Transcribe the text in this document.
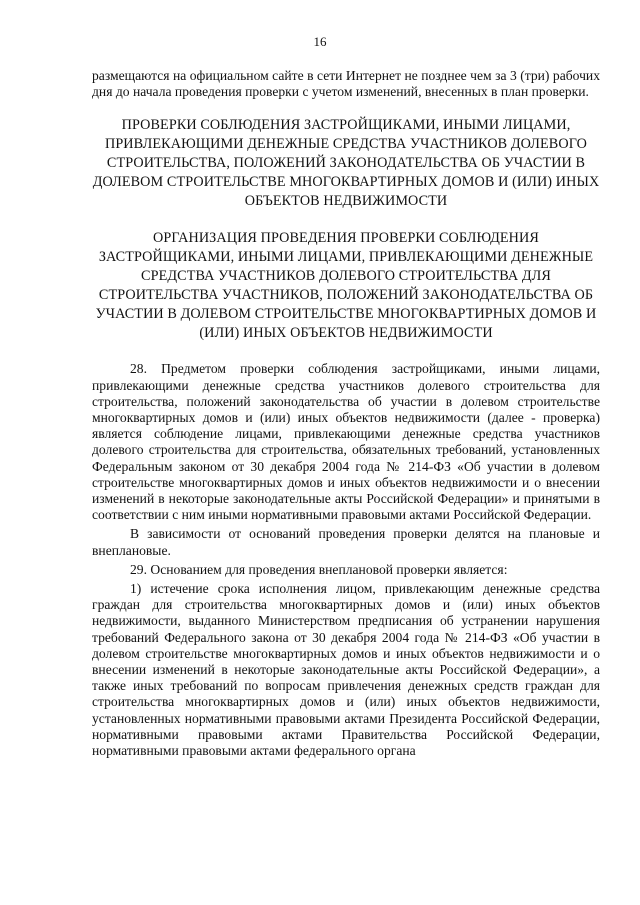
16

размещаются на официальном сайте в сети Интернет не позднее чем за 3 (три) рабочих дня до начала проведения проверки с учетом изменений, внесенных в план проверки.

ПРОВЕРКИ СОБЛЮДЕНИЯ ЗАСТРОЙЩИКАМИ, ИНЫМИ ЛИЦАМИ, ПРИВЛЕКАЮЩИМИ ДЕНЕЖНЫЕ СРЕДСТВА УЧАСТНИКОВ ДОЛЕВОГО СТРОИТЕЛЬСТВА, ПОЛОЖЕНИЙ ЗАКОНОДАТЕЛЬСТВА ОБ УЧАСТИИ В ДОЛЕВОМ СТРОИТЕЛЬСТВЕ МНОГОКВАРТИРНЫХ ДОМОВ И (ИЛИ) ИНЫХ ОБЪЕКТОВ НЕДВИЖИМОСТИ

ОРГАНИЗАЦИЯ ПРОВЕДЕНИЯ ПРОВЕРКИ СОБЛЮДЕНИЯ ЗАСТРОЙЩИКАМИ, ИНЫМИ ЛИЦАМИ, ПРИВЛЕКАЮЩИМИ ДЕНЕЖНЫЕ СРЕДСТВА УЧАСТНИКОВ ДОЛЕВОГО СТРОИТЕЛЬСТВА ДЛЯ СТРОИТЕЛЬСТВА УЧАСТНИКОВ, ПОЛОЖЕНИЙ ЗАКОНОДАТЕЛЬСТВА ОБ УЧАСТИИ В ДОЛЕВОМ СТРОИТЕЛЬСТВЕ МНОГОКВАРТИРНЫХ ДОМОВ И (ИЛИ) ИНЫХ ОБЪЕКТОВ НЕДВИЖИМОСТИ

28. Предметом проверки соблюдения застройщиками, иными лицами, привлекающими денежные средства участников долевого строительства для строительства, положений законодательства об участии в долевом строительстве многоквартирных домов и (или) иных объектов недвижимости (далее - проверка) является соблюдение лицами, привлекающими денежные средства участников долевого строительства для строительства, обязательных требований, установленных Федеральным законом от 30 декабря 2004 года № 214-ФЗ «Об участии в долевом строительстве многоквартирных домов и иных объектов недвижимости и о внесении изменений в некоторые законодательные акты Российской Федерации» и принятыми в соответствии с ним иными нормативными правовыми актами Российской Федерации.

В зависимости от оснований проведения проверки делятся на плановые и внеплановые.

29. Основанием для проведения внеплановой проверки является:

1) истечение срока исполнения лицом, привлекающим денежные средства граждан для строительства многоквартирных домов и (или) иных объектов недвижимости, выданного Министерством предписания об устранении нарушения требований Федерального закона от 30 декабря 2004 года № 214-ФЗ «Об участии в долевом строительстве многоквартирных домов и иных объектов недвижимости и о внесении изменений в некоторые законодательные акты Российской Федерации», а также иных требований по вопросам привлечения денежных средств граждан для строительства многоквартирных домов и (или) иных объектов недвижимости, установленных нормативными правовыми актами Президента Российской Федерации, нормативными правовыми актами Правительства Российской Федерации, нормативными правовыми актами федерального органа
